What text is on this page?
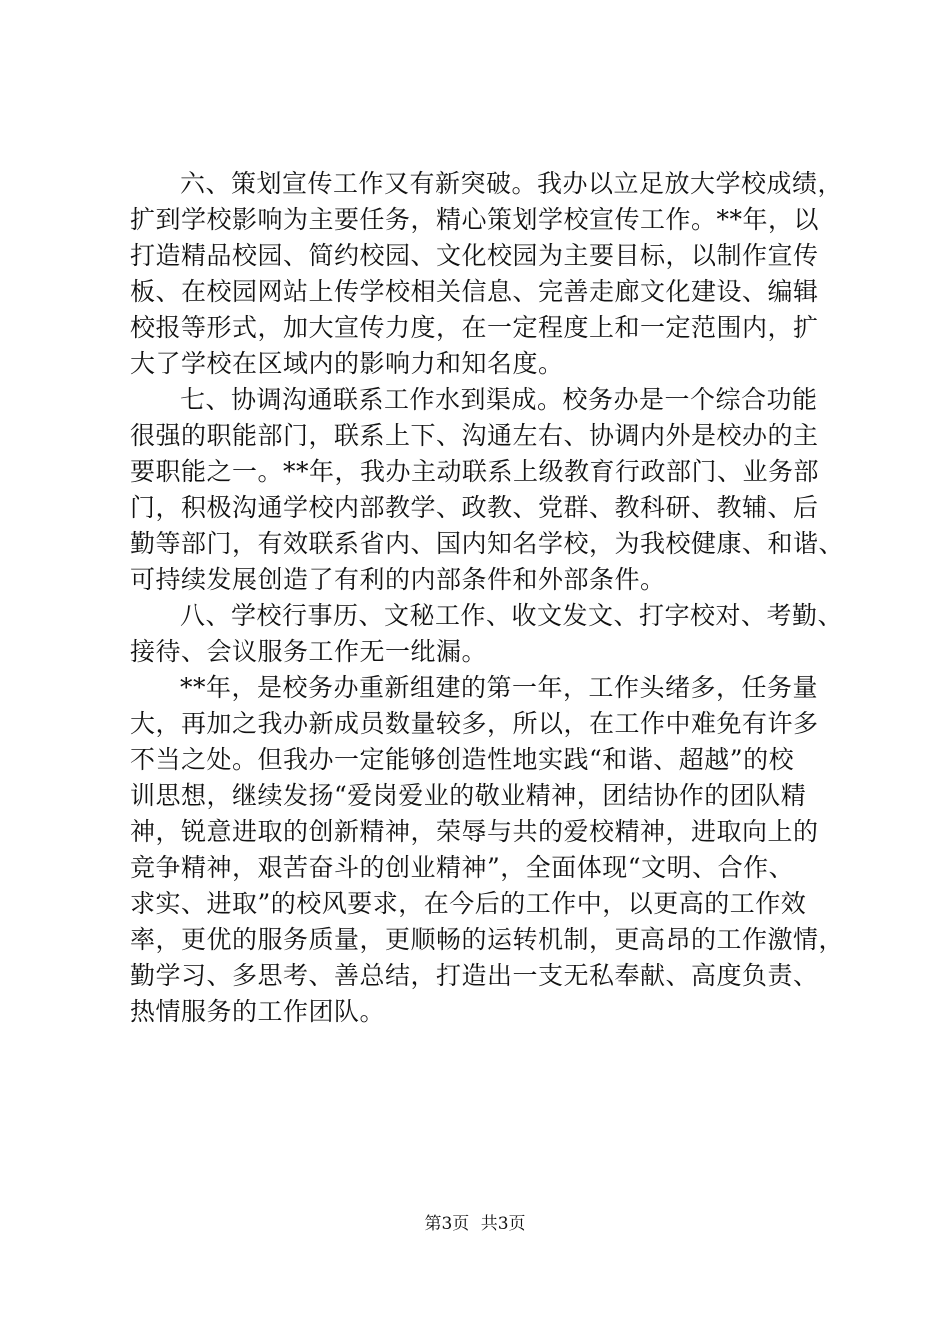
六、策划宣传工作又有新突破。我办以立足放大学校成绩，
扩到学校影响为主要任务，精心策划学校宣传工作。**年，以
打造精品校园、简约校园、文化校园为主要目标，以制作宣传
板、在校园网站上传学校相关信息、完善走廊文化建设、编辑
校报等形式，加大宣传力度，在一定程度上和一定范围内，扩
大了学校在区域内的影响力和知名度。
七、协调沟通联系工作水到渠成。校务办是一个综合功能
很强的职能部门，联系上下、沟通左右、协调内外是校办的主
要职能之一。**年，我办主动联系上级教育行政部门、业务部
门，积极沟通学校内部教学、政教、党群、教科研、教辅、后
勤等部门，有效联系省内、国内知名学校，为我校健康、和谐、
可持续发展创造了有利的内部条件和外部条件。
八、学校行事历、文秘工作、收文发文、打字校对、考勤、
接待、会议服务工作无一纰漏。
**年，是校务办重新组建的第一年，工作头绪多，任务量
大，再加之我办新成员数量较多，所以，在工作中难免有许多
不当之处。但我办一定能够创造性地实践“和谐、超越”的校
训思想，继续发扬“爱岗爱业的敬业精神，团结协作的团队精
神，锐意进取的创新精神，荣辱与共的爱校精神，进取向上的
竞争精神，艰苦奋斗的创业精神”，全面体现“文明、合作、
求实、进取”的校风要求，在今后的工作中，以更高的工作效
率，更优的服务质量，更顺畅的运转机制，更高昂的工作激情，
勤学习、多思考、善总结，打造出一支无私奉献、高度负责、
热情服务的工作团队。
第3页 共3页
